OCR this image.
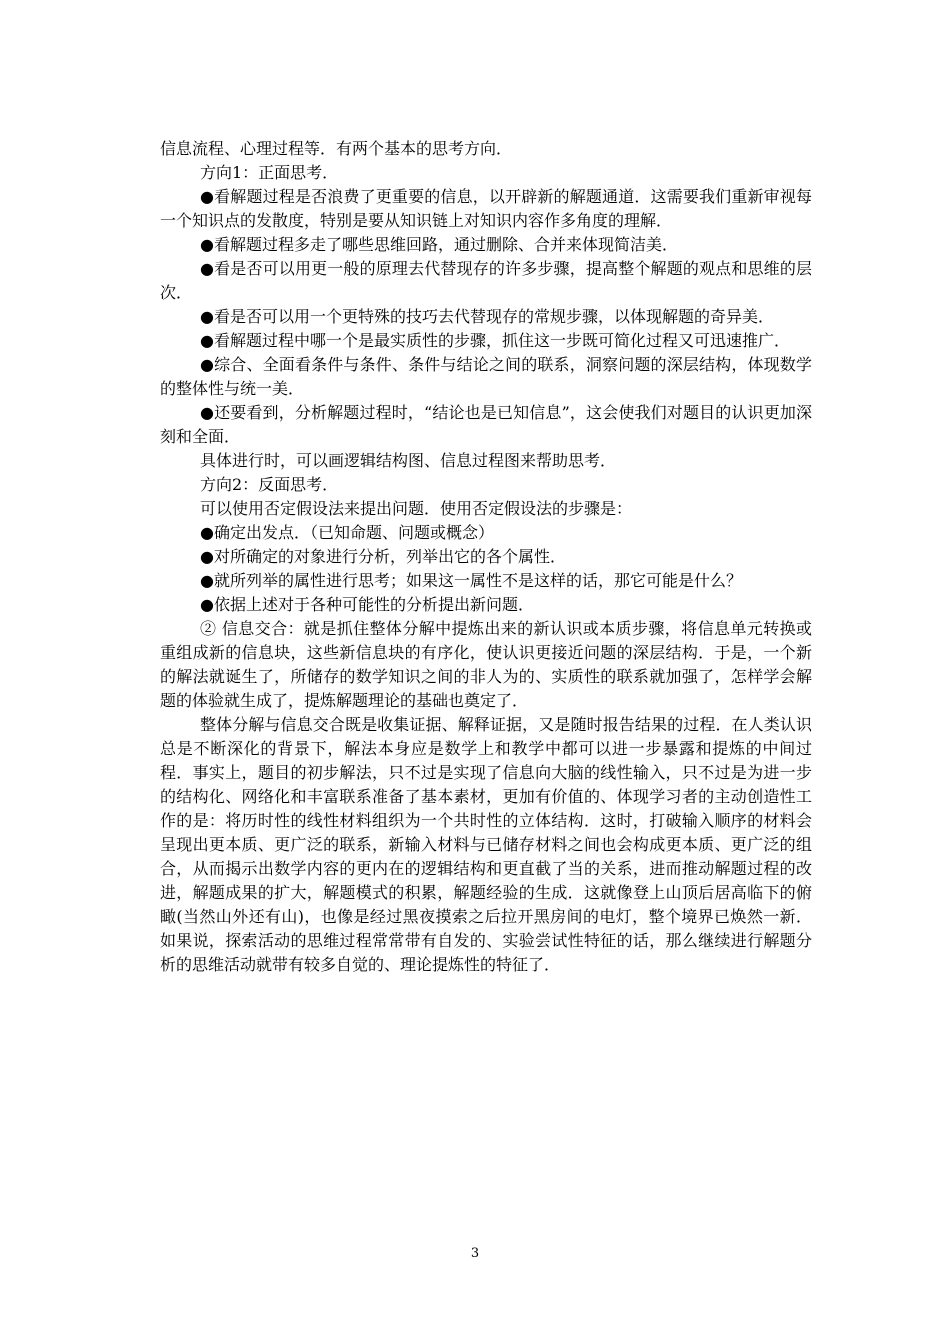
信息流程、心理过程等．有两个基本的思考方向．

方向1：正面思考．

●看解题过程是否浪费了更重要的信息，以开辟新的解题通道．这需要我们重新审视每一个知识点的发散度，特别是要从知识链上对知识内容作多角度的理解．

●看解题过程多走了哪些思维回路，通过删除、合并来体现简洁美．

●看是否可以用更一般的原理去代替现存的许多步骤，提高整个解题的观点和思维的层次．

●看是否可以用一个更特殊的技巧去代替现存的常规步骤，以体现解题的奇异美．

●看解题过程中哪一个是最实质性的步骤，抓住这一步既可简化过程又可迅速推广．

●综合、全面看条件与条件、条件与结论之间的联系，洞察问题的深层结构，体现数学的整体性与统一美．

●还要看到，分析解题过程时，“结论也是已知信息”，这会使我们对题目的认识更加深刻和全面．

具体进行时，可以画逻辑结构图、信息过程图来帮助思考．

方向2：反面思考．

可以使用否定假设法来提出问题．使用否定假设法的步骤是：

●确定出发点．（已知命题、问题或概念）

●对所确定的对象进行分析，列举出它的各个属性．

●就所列举的属性进行思考；如果这一属性不是这样的话，那它可能是什么？

●依据上述对于各种可能性的分析提出新问题．

② 信息交合：就是抓住整体分解中提炼出来的新认识或本质步骤，将信息单元转换或重组成新的信息块，这些新信息块的有序化，使认识更接近问题的深层结构．于是，一个新的解法就诞生了，所储存的数学知识之间的非人为的、实质性的联系就加强了，怎样学会解题的体验就生成了，提炼解题理论的基础也奠定了．

整体分解与信息交合既是收集证据、解释证据，又是随时报告结果的过程．在人类认识总是不断深化的背景下，解法本身应是数学上和教学中都可以进一步暴露和提炼的中间过程．事实上，题目的初步解法，只不过是实现了信息向大脑的线性输入，只不过是为进一步的结构化、网络化和丰富联系准备了基本素材，更加有价值的、体现学习者的主动创造性工作的是：将历时性的线性材料组织为一个共时性的立体结构．这时，打破输入顺序的材料会呈现出更本质、更广泛的联系，新输入材料与已储存材料之间也会构成更本质、更广泛的组合，从而揭示出数学内容的更内在的逻辑结构和更直截了当的关系，进而推动解题过程的改进，解题成果的扩大，解题模式的积累，解题经验的生成．这就像登上山顶后居高临下的俯瞰(当然山外还有山)，也像是经过黑夜摸索之后拉开黑房间的电灯，整个境界已焕然一新．如果说，探索活动的思维过程常常带有自发的、实验尝试性特征的话，那么继续进行解题分析的思维活动就带有较多自觉的、理论提炼性的特征了．

3
